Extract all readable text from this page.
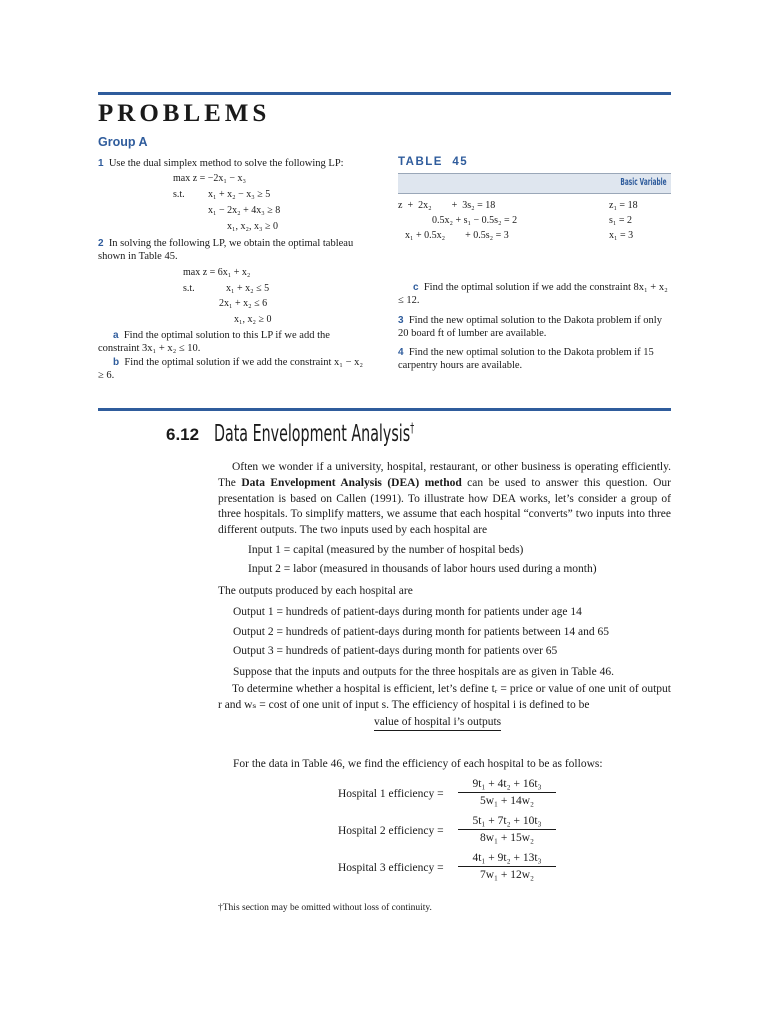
PROBLEMS
Group A
1 Use the dual simplex method to solve the following LP:
max z = −2x₁ − x₃
s.t. x₁ + x₂ − x₃ ≥ 5
x₁ − 2x₂ + 4x₃ ≥ 8
x₁, x₂, x₃ ≥ 0
2 In solving the following LP, we obtain the optimal tableau shown in Table 45.
max z = 6x₁ + x₂
s.t.	x₁ + x₂ ≤ 5
2x₁ + x₂ ≤ 6
x₁, x₂ ≥ 0
a Find the optimal solution to this LP if we add the constraint 3x₁ + x₂ ≤ 10.
b Find the optimal solution if we add the constraint x₁ − x₂ ≥ 6.
TABLE 45
Basic Variable
z  +  2x₂        +  3s₂ = 18	z₁ = 18
0.5x₂ + s₁ − 0.5s₂ = 2	s₁ = 2
x₁ + 0.5x₂        + 0.5s₂ = 3	x₁ = 3
c Find the optimal solution if we add the constraint 8x₁ + x₂ ≤ 12.
3 Find the new optimal solution to the Dakota problem if only 20 board ft of lumber are available.
4 Find the new optimal solution to the Dakota problem if 15 carpentry hours are available.
6.12 Data Envelopment Analysis†
Often we wonder if a university, hospital, restaurant, or other business is operating efficiently. The Data Envelopment Analysis (DEA) method can be used to answer this question. Our presentation is based on Callen (1991). To illustrate how DEA works, let’s consider a group of three hospitals. To simplify matters, we assume that each hospital “converts” two inputs into three different outputs. The two inputs used by each hospital are
Input 1 = capital (measured by the number of hospital beds)
Input 2 = labor (measured in thousands of labor hours used during a month)
The outputs produced by each hospital are
Output 1 = hundreds of patient-days during month for patients under age 14
Output 2 = hundreds of patient-days during month for patients between 14 and 65
Output 3 = hundreds of patient-days during month for patients over 65
Suppose that the inputs and outputs for the three hospitals are as given in Table 46.
To determine whether a hospital is efficient, let’s define tᵣ = price or value of one unit of output r and wₛ = cost of one unit of input s. The efficiency of hospital i is defined to be
value of hospital i’s outputs
For the data in Table 46, we find the efficiency of each hospital to be as follows:
Hospital 1 efficiency = $\frac{\text{9t₁ + 4t₂ + 16t₃}}{\text{5w₁ + 14w₂}}$
Hospital 2 efficiency = $\frac{\text{5t₁ + 7t₂ + 10t₃}}{\text{8w₁ + 15w₂}}$
Hospital 3 efficiency = $\frac{\text{4t₁ + 9t₂ + 13t₃}}{\text{7w₁ + 12w₂}}$
†This section may be omitted without loss of continuity.
